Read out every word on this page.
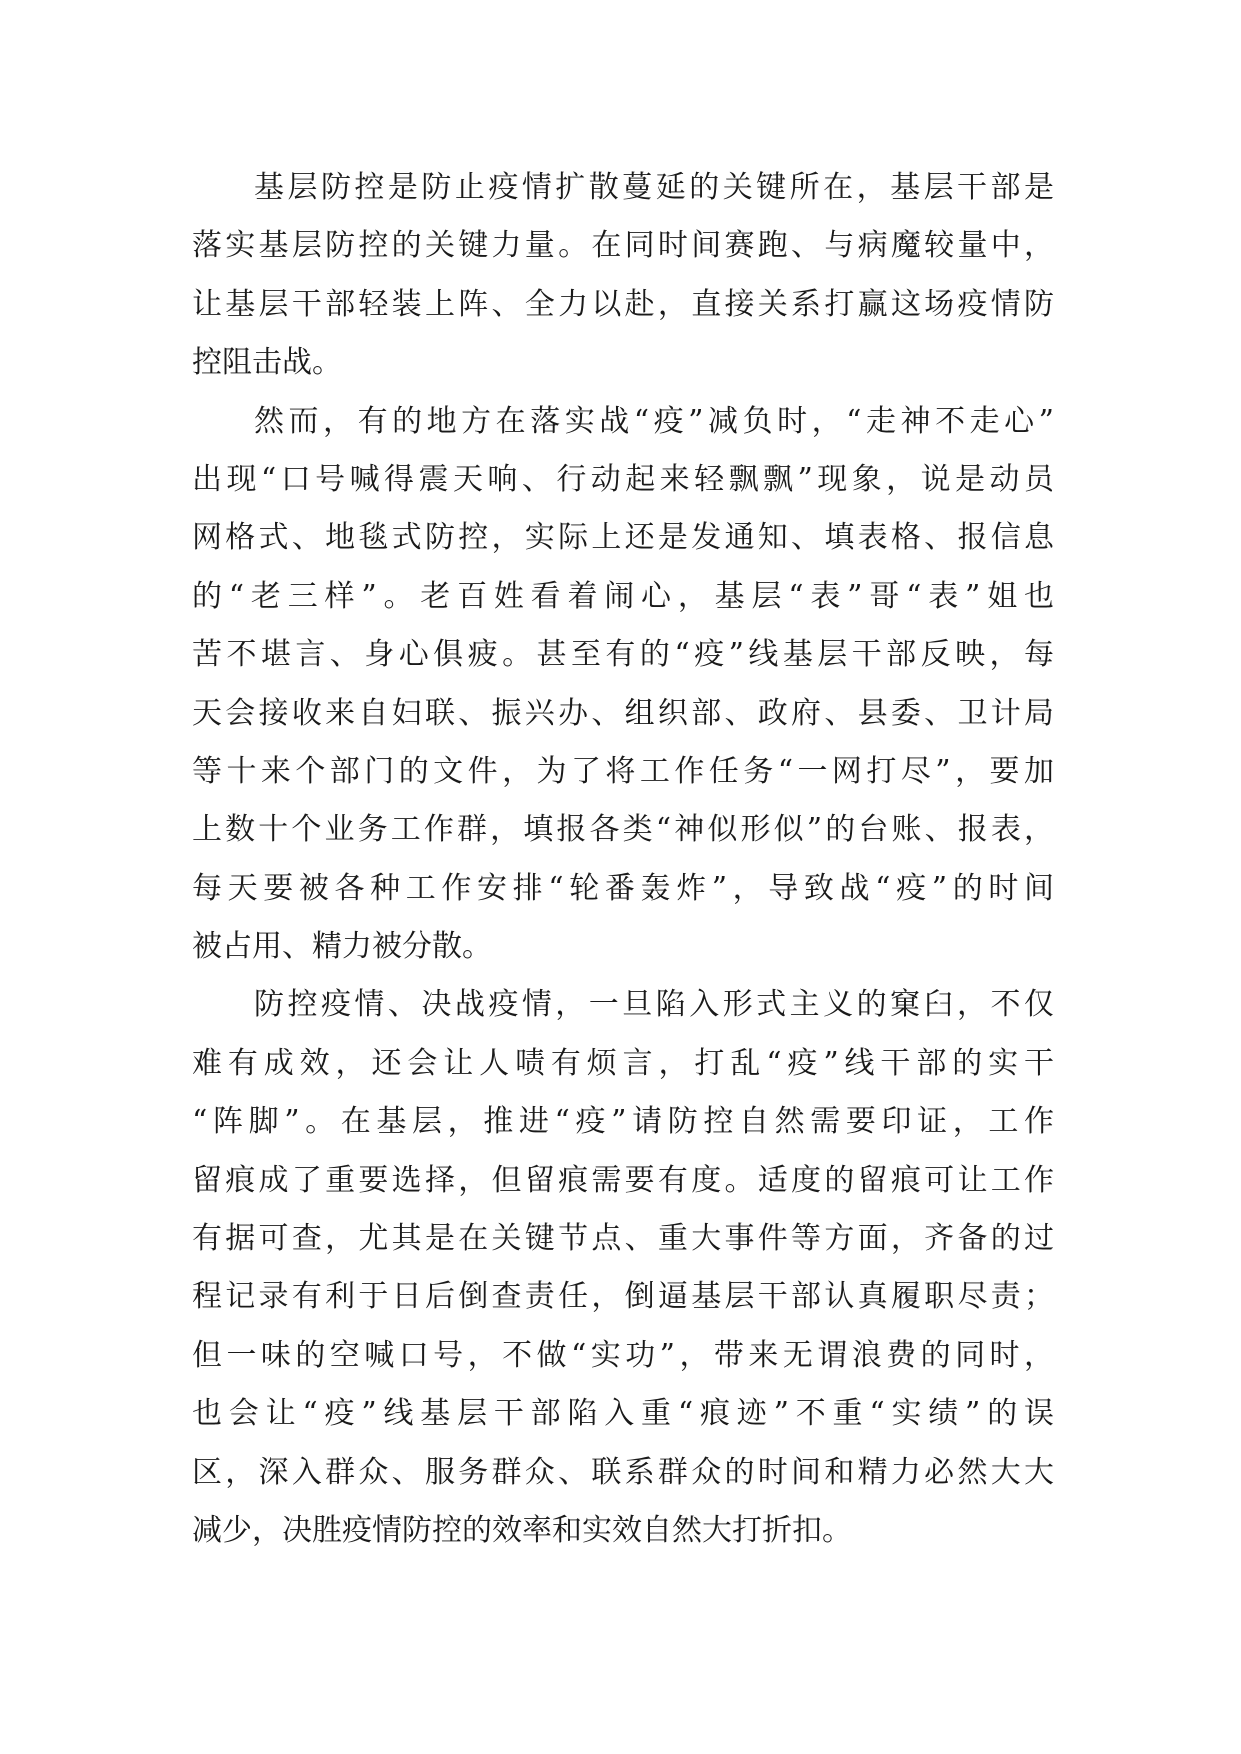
基层防控是防止疫情扩散蔓延的关键所在，基层干部是
落实基层防控的关键力量。在同时间赛跑、与病魔较量中，
让基层干部轻装上阵、全力以赴，直接关系打赢这场疫情防
控阻击战。
然而，有的地方在落实战“疫”减负时，“走神不走心”
出现“口号喊得震天响、行动起来轻飘飘”现象，说是动员
网格式、地毯式防控，实际上还是发通知、填表格、报信息
的“老三样”。老百姓看着闹心，基层“表”哥“表”姐也
苦不堪言、身心俱疲。甚至有的“疫”线基层干部反映，每
天会接收来自妇联、振兴办、组织部、政府、县委、卫计局
等十来个部门的文件，为了将工作任务“一网打尽”，要加
上数十个业务工作群，填报各类“神似形似”的台账、报表，
每天要被各种工作安排“轮番轰炸”，导致战“疫”的时间
被占用、精力被分散。
防控疫情、决战疫情，一旦陷入形式主义的窠臼，不仅
难有成效，还会让人啧有烦言，打乱“疫”线干部的实干
“阵脚”。在基层，推进“疫”请防控自然需要印证，工作
留痕成了重要选择，但留痕需要有度。适度的留痕可让工作
有据可查，尤其是在关键节点、重大事件等方面，齐备的过
程记录有利于日后倒查责任，倒逼基层干部认真履职尽责；
但一味的空喊口号，不做“实功”，带来无谓浪费的同时，
也会让“疫”线基层干部陷入重“痕迹”不重“实绩”的误
区，深入群众、服务群众、联系群众的时间和精力必然大大
减少，决胜疫情防控的效率和实效自然大打折扣。
